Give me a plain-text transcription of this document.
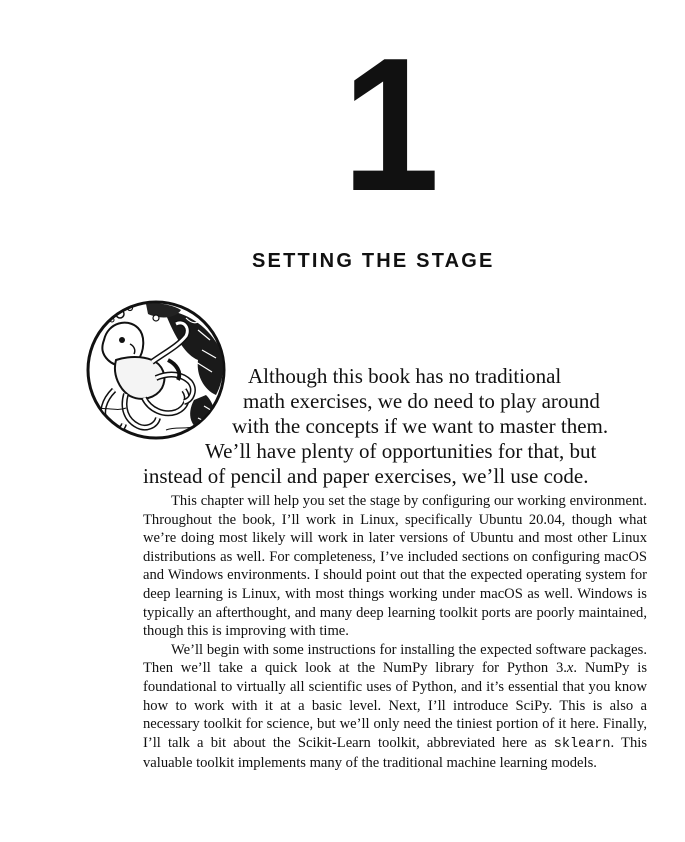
1
SETTING THE STAGE
Although this book has no traditional
math exercises, we do need to play around
with the concepts if we want to master them.
We’ll have plenty of opportunities for that, but
instead of pencil and paper exercises, we’ll use code.

This chapter will help you set the stage by configuring our working environment. Throughout the book, I’ll work in Linux, specifically Ubuntu 20.04, though what we’re doing most likely will work in later versions of Ubuntu and most other Linux distributions as well. For completeness, I’ve included sections on configuring macOS and Windows environments. I should point out that the expected operating system for deep learning is Linux, with most things working under macOS as well. Windows is typically an afterthought, and many deep learning toolkit ports are poorly maintained, though this is improving with time.

We’ll begin with some instructions for installing the expected software packages. Then we’ll take a quick look at the NumPy library for Python 3.x. NumPy is foundational to virtually all scientific uses of Python, and it’s essential that you know how to work with it at a basic level. Next, I’ll introduce SciPy. This is also a necessary toolkit for science, but we’ll only need the tiniest portion of it here. Finally, I’ll talk a bit about the Scikit-Learn toolkit, abbreviated here as sklearn. This valuable toolkit implements many of the traditional machine learning models.
